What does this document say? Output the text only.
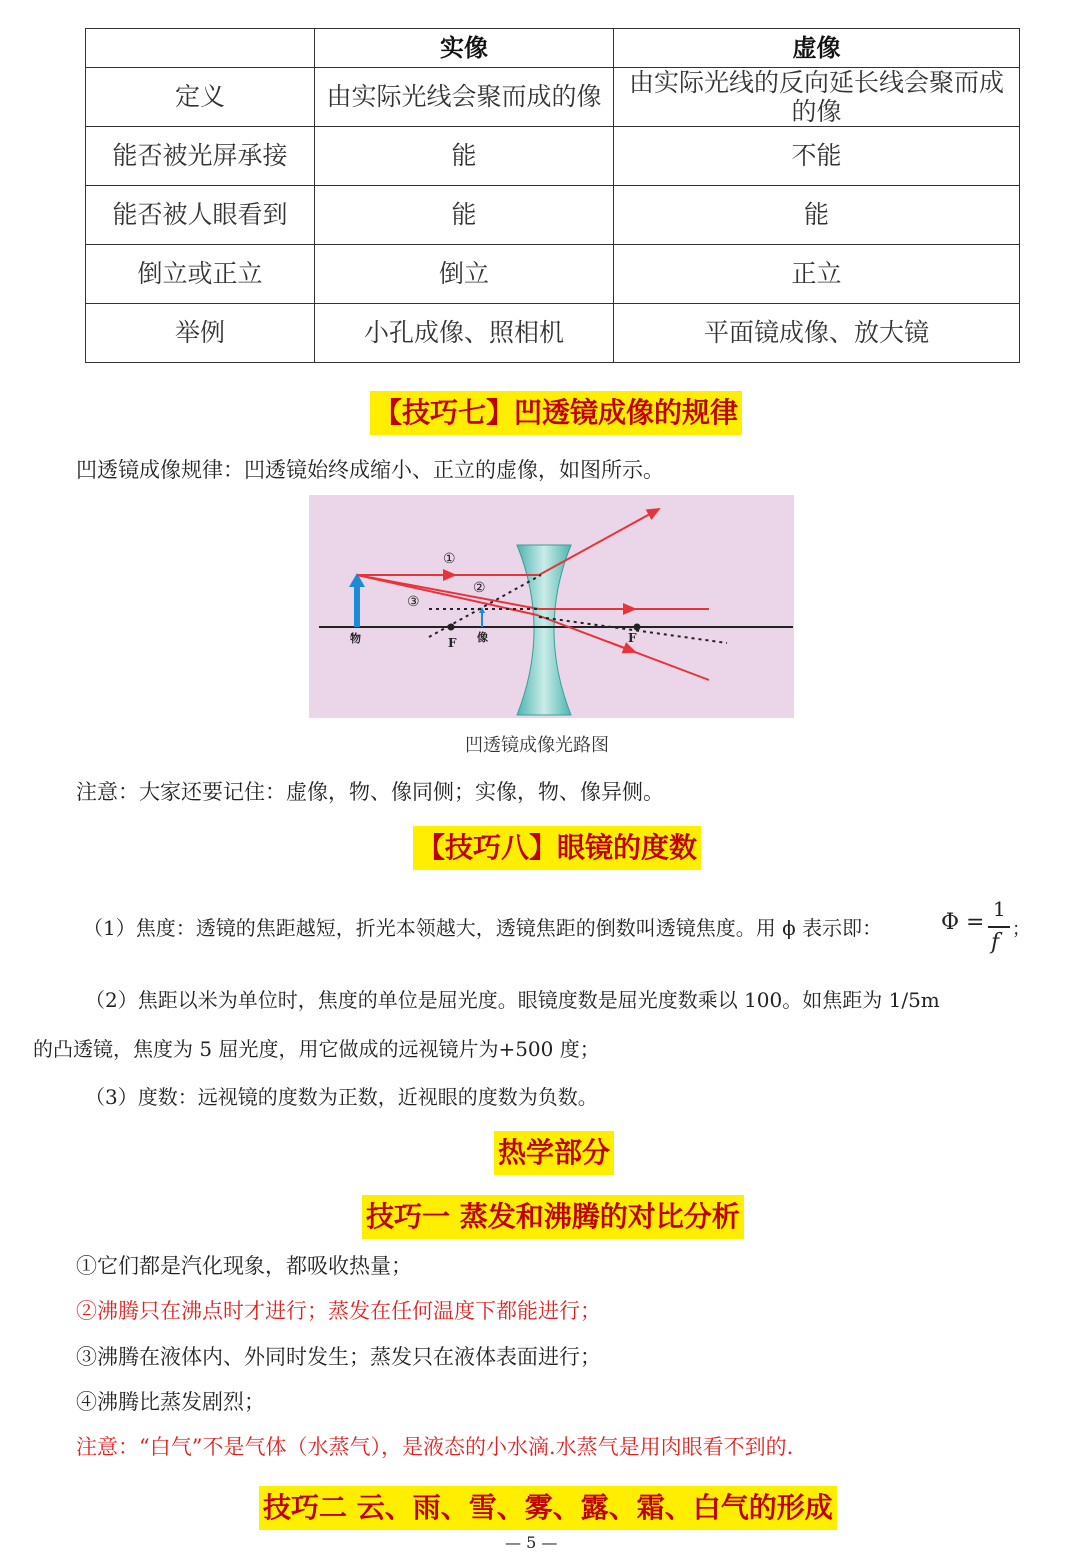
	实像	虚像
定义	由实际光线会聚而成的像	由实际光线的反向延长线会聚而成的像
能否被光屏承接	能	不能
能否被人眼看到	能	能
倒立或正立	倒立	正立
举例	小孔成像、照相机	平面镜成像、放大镜
【技巧七】凹透镜成像的规律
凹透镜成像规律：凹透镜始终成缩小、正立的虚像，如图所示。
①
②
③
物	F 像	F
凹透镜成像光路图
注意：大家还要记住：虚像，物、像同侧；实像，物、像异侧。
【技巧八】眼镜的度数
（1）焦度：透镜的焦距越短，折光本领越大，透镜焦距的倒数叫透镜焦度。用 ϕ 表示即：	Φ =
1
f
；
（2）焦距以米为单位时，焦度的单位是屈光度。眼镜度数是屈光度数乘以 100。如焦距为 1/5m
的凸透镜，焦度为 5 屈光度，用它做成的远视镜片为+500 度；
（3）度数：远视镜的度数为正数，近视眼的度数为负数。
热学部分
技巧一 蒸发和沸腾的对比分析
①它们都是汽化现象，都吸收热量；
②沸腾只在沸点时才进行；蒸发在任何温度下都能进行；
③沸腾在液体内、外同时发生；蒸发只在液体表面进行；
④沸腾比蒸发剧烈；
注意：“白气”不是气体（水蒸气），是液态的小水滴.水蒸气是用肉眼看不到的.
技巧二 云、雨、雪、雾、露、霜、白气的形成
— 5 —
